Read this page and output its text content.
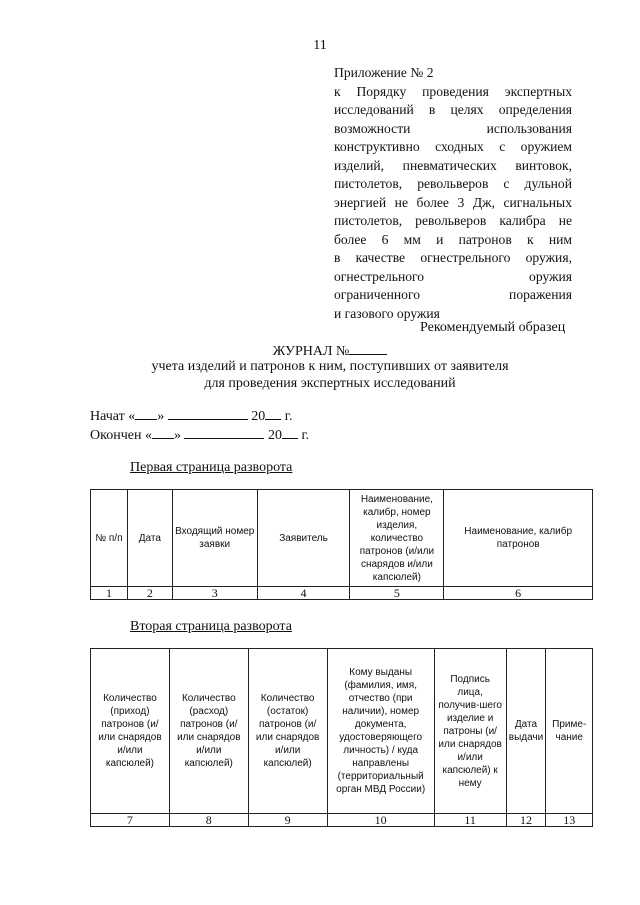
11
Приложение № 2
к Порядку проведения экспертных
исследований в целях определения
возможности использования
конструктивно сходных с оружием
изделий, пневматических винтовок,
пистолетов, револьверов с дульной
энергией не более 3 Дж, сигнальных
пистолетов, револьверов калибра не
более 6 мм и патронов к ним
в качестве огнестрельного оружия,
огнестрельного оружия
ограниченного поражения
и газового оружия
Рекомендуемый образец
ЖУРНАЛ №
учета изделий и патронов к ним, поступивших от заявителя
для проведения экспертных исследований
Начат « »	20 г.
Окончен « »	20 г.
Первая страница разворота
№ п/п	Дата	Входящий номер заявки	Заявитель	Наименование, калибр, номер изделия, количество патронов (и/или снарядов и/или капсюлей)	Наименование, калибр патронов
1	2	3	4	5	6
Вторая страница разворота
Количество (приход) патронов (и/или снарядов и/или капсюлей)	Количество (расход) патронов (и/или снарядов и/или капсюлей)	Количество (остаток) патронов (и/или снарядов и/или капсюлей)	Кому выданы (фамилия, имя, отчество (при наличии), номер документа, удостоверяющего личность) / куда направлены (территориальный орган МВД России)	Подпись лица, получив-шего изделие и патроны (и/или снарядов и/или капсюлей) к нему	Дата выдачи	Приме-чание
7	8	9	10	11	12	13
